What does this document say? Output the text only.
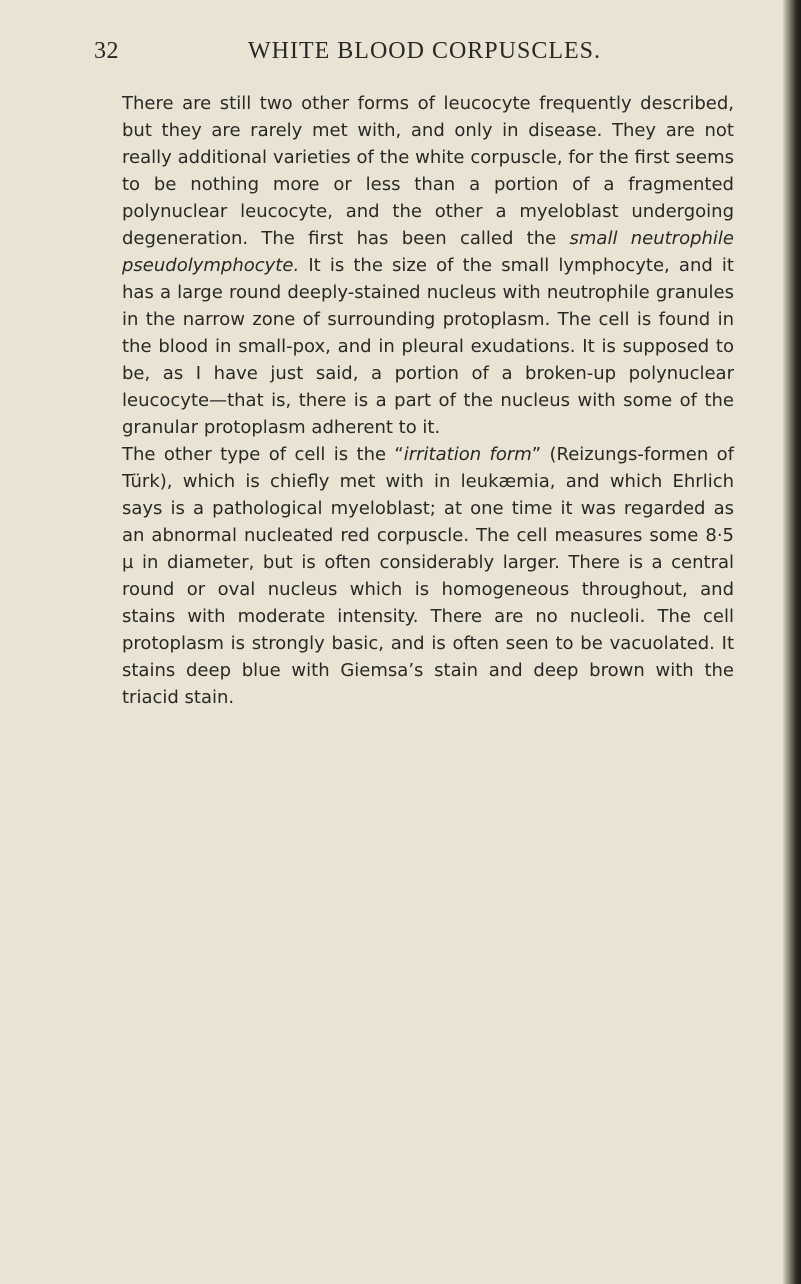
32	WHITE BLOOD CORPUSCLES.

There are still two other forms of leucocyte frequently described, but they are rarely met with, and only in disease. They are not really additional varieties of the white corpuscle, for the first seems to be nothing more or less than a portion of a fragmented polynuclear leucocyte, and the other a myeloblast undergoing degeneration. The first has been called the small neutrophile pseudolymphocyte. It is the size of the small lymphocyte, and it has a large round deeply-stained nucleus with neutrophile granules in the narrow zone of surrounding protoplasm. The cell is found in the blood in small-pox, and in pleural exudations. It is supposed to be, as I have just said, a portion of a broken-up polynuclear leucocyte—that is, there is a part of the nucleus with some of the granular protoplasm adherent to it.

The other type of cell is the “irritation form” (Reizungs-formen of Türk), which is chiefly met with in leukæmia, and which Ehrlich says is a pathological myeloblast; at one time it was regarded as an abnormal nucleated red corpuscle. The cell measures some 8·5 µ in diameter, but is often considerably larger. There is a central round or oval nucleus which is homogeneous throughout, and stains with moderate intensity. There are no nucleoli. The cell protoplasm is strongly basic, and is often seen to be vacuolated. It stains deep blue with Giemsa’s stain and deep brown with the triacid stain.
